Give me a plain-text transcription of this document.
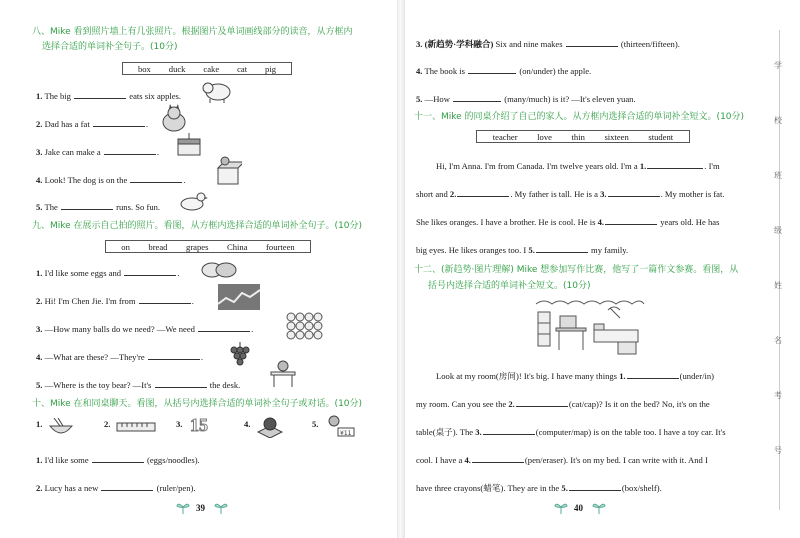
八、Mike 看到照片墙上有几张照片。根据图片及单词画线部分的读音，从方框内
选择合适的单词补全句子。(10分)
box duck cake cat pig
1. The big	eats six apples.
2. Dad has a fat	.
3. Jake can make a	.
4. Look! The dog is on the	.
5. The	runs. So fun.
九、Mike 在展示自己拍的照片。看图，从方框内选择合适的单词补全句子。(10分)
on bread grapes China fourteen
1. I'd like some eggs and	.
2. Hi! I'm Chen Jie. I'm from	.
3. —How many balls do we need? —We need	.
4. —What are these? —They're	.
5. —Where is the toy bear? —It's	the desk.
十、Mike 在和同桌聊天。看图，从括号内选择合适的单词补全句子或对话。(10分)
1.	2.	3. 15	4.	5.
¥11
1. I'd like some	(eggs/noodles).
2. Lucy has a new	(ruler/pen).
39
3. (新趋势·学科融合) Six and nine makes	(thirteen/fifteen).
4. The book is	(on/under) the apple.
5. —How	(many/much) is it? —It's eleven yuan.
十一、Mike 的同桌介绍了自己的家人。从方框内选择合适的单词补全短文。(10分)
teacher love thin sixteen student
Hi, I'm Anna. I'm from Canada. I'm twelve years old. I'm a 1.	. I'm
short and 2.	. My father is tall. He is a 3.	. My mother is fat.
She likes oranges. I have a brother. He is cool. He is 4.	years old. He has
big eyes. He likes oranges too. I 5.	my family.
十二、(新趋势·图片理解) Mike 想参加写作比赛，他写了一篇作文参赛。看图，从
括号内选择合适的单词补全短文。(10分)
Look at my room(房间)! It's big. I have many things 1.	(under/in)
my room. Can you see the 2.	(cat/cap)? Is it on the bed? No, it's on the
table(桌子). The 3.	(computer/map) is on the table too. I have a toy car. It's
cool. I have a 4.	(pen/eraser). It's on my bed. I can write with it. And I
have three crayons(蜡笔). They are in the 5.	(box/shelf).
40
学
校
班
级
姓
名
考
号
